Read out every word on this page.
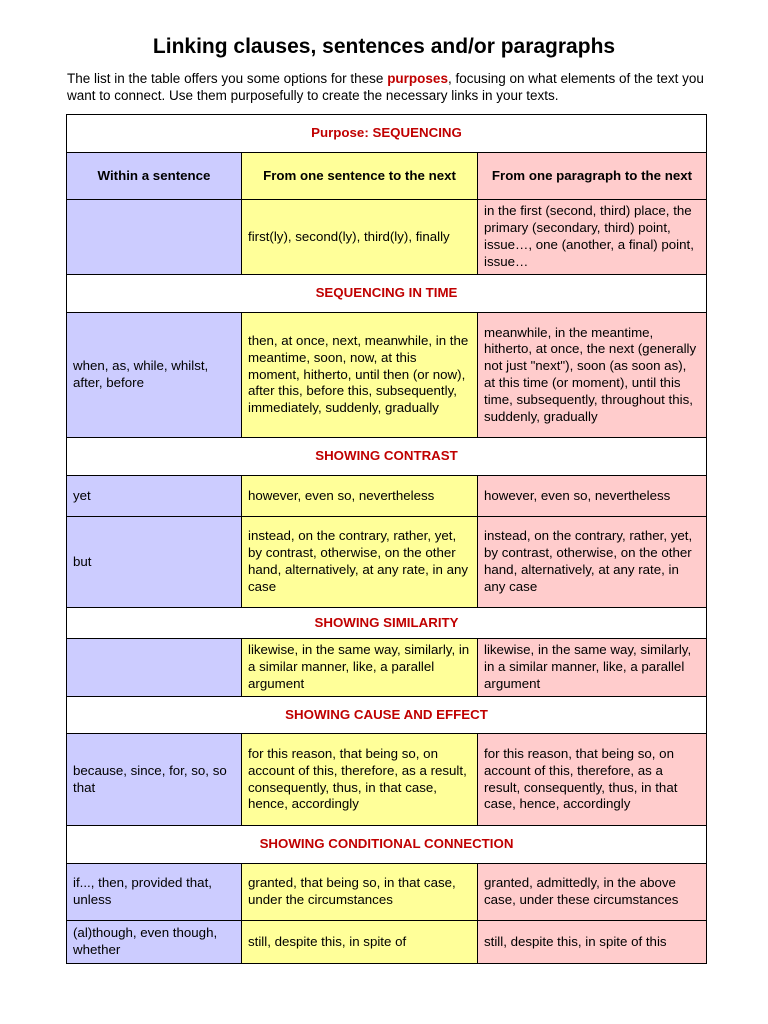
Linking clauses, sentences and/or paragraphs

The list in the table offers you some options for these purposes, focusing on what elements of the text you want to connect. Use them purposefully to create the necessary links in your texts.

Purpose: SEQUENCING		
Within a sentence	From one sentence to the next	From one paragraph to the next
	first(ly), second(ly), third(ly), finally	in the first (second, third) place, the primary (secondary, third) point, issue…, one (another, a final) point, issue…
SEQUENCING IN TIME		
when, as, while, whilst, after, before	then, at once, next, meanwhile, in the meantime, soon, now, at this moment, hitherto, until then (or now), after this, before this, subsequently, immediately, suddenly, gradually	meanwhile, in the meantime, hitherto, at once, the next (generally not just "next"), soon (as soon as), at this time (or moment), until this time, subsequently, throughout this, suddenly, gradually
SHOWING CONTRAST		
yet	however, even so, nevertheless	however, even so, nevertheless
but	instead, on the contrary, rather, yet, by contrast, otherwise, on the other hand, alternatively, at any rate, in any case	instead, on the contrary, rather, yet, by contrast, otherwise, on the other hand, alternatively, at any rate, in any case
SHOWING SIMILARITY		
	likewise, in the same way, similarly, in a similar manner, like, a parallel argument	likewise, in the same way, similarly, in a similar manner, like, a parallel argument
SHOWING CAUSE AND EFFECT		
because, since, for, so, so that	for this reason, that being so, on account of this, therefore, as a result, consequently, thus, in that case, hence, accordingly	for this reason, that being so, on account of this, therefore, as a result, consequently, thus, in that case, hence, accordingly
SHOWING CONDITIONAL CONNECTION		
if..., then, provided that, unless	granted, that being so, in that case, under the circumstances	granted, admittedly, in the above case, under these circumstances
(al)though, even though, whether	still, despite this, in spite of	still, despite this, in spite of this
